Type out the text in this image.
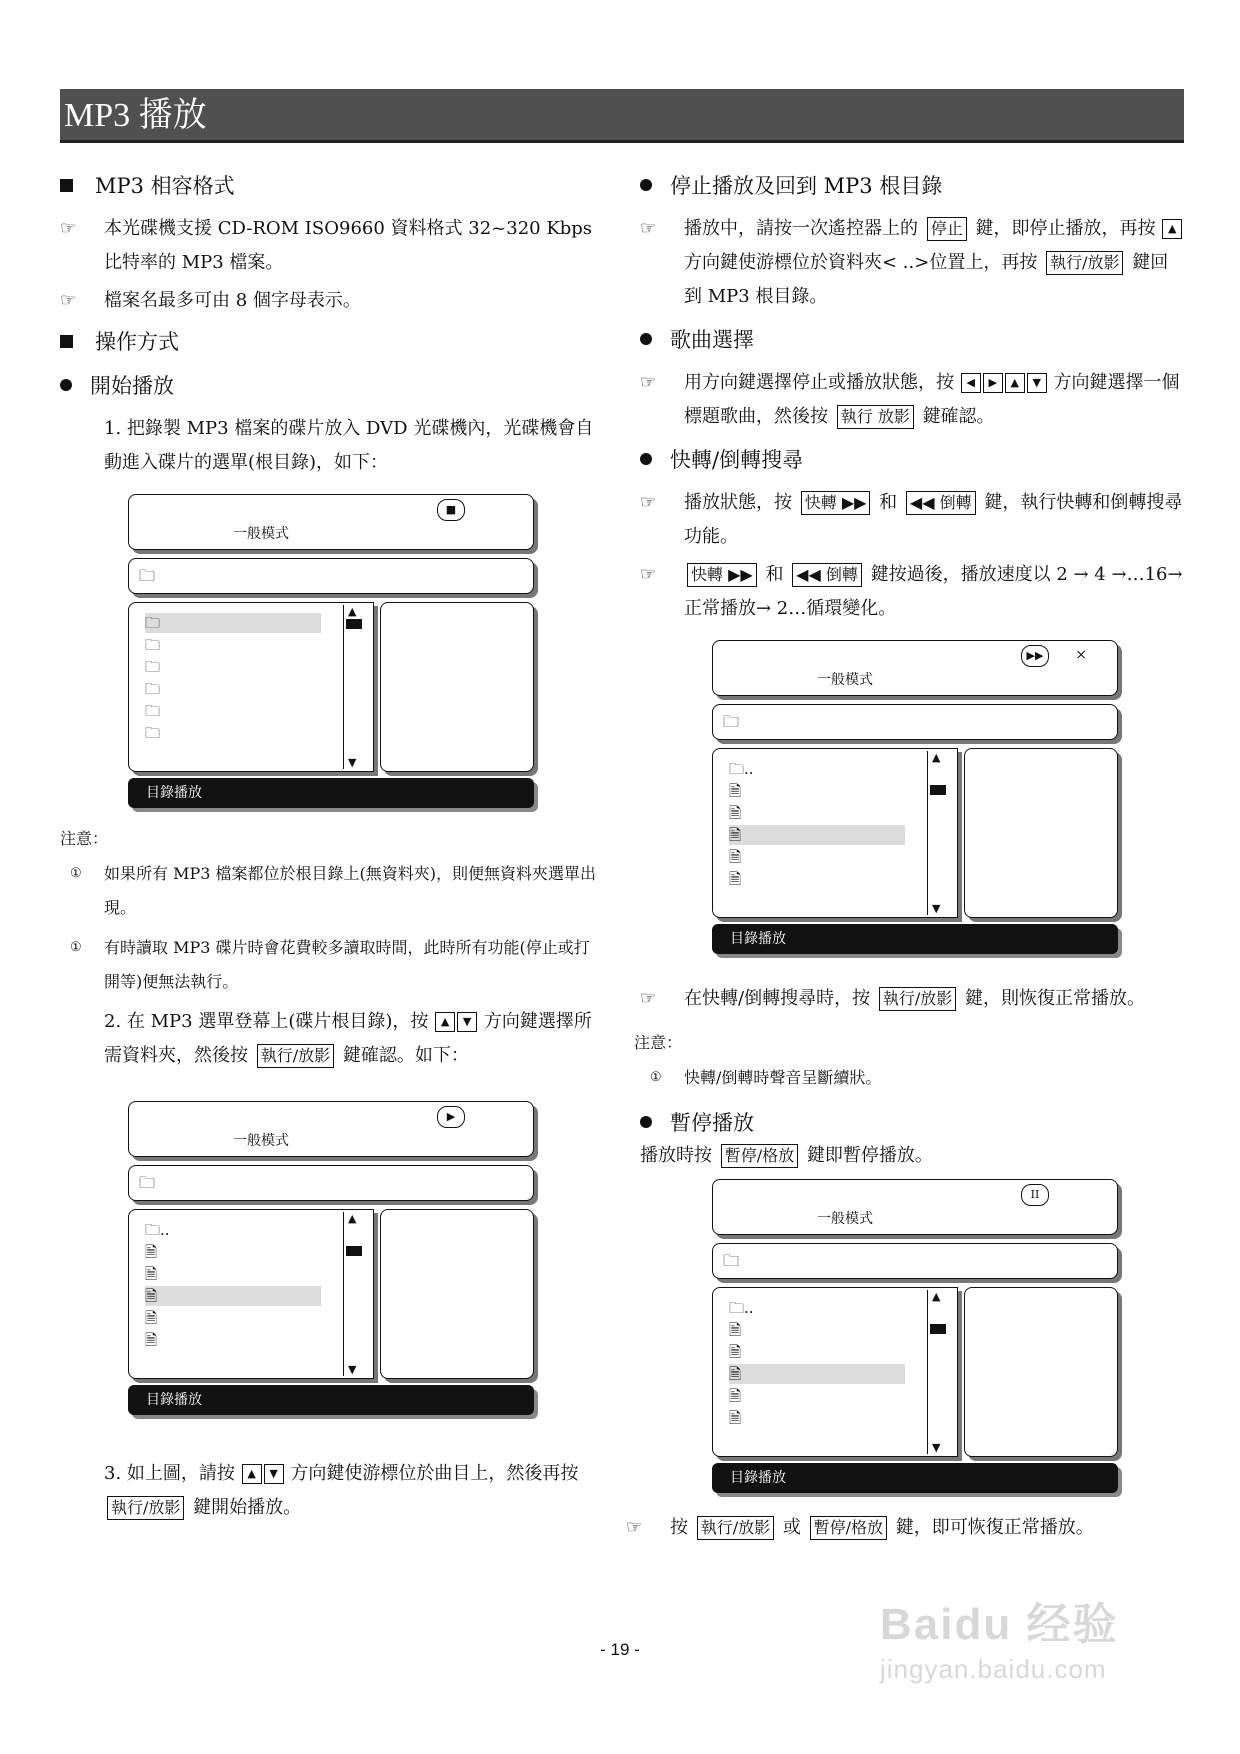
MP3 播放
MP3 相容格式
☞ 本光碟機支援 CD-ROM ISO9660 資料格式 32~320 Kbps 比特率的 MP3 檔案。
☞ 檔案名最多可由 8 個字母表示。
操作方式
開始播放
1. 把錄製 MP3 檔案的碟片放入 DVD 光碟機內，光碟機會自動進入碟片的選單(根目錄)，如下：
一般模式
■
🗀
🗀
🗀
🗀
🗀
🗀
🗀
▲
▼
目錄播放
注意：
① 如果所有 MP3 檔案都位於根目錄上(無資料夾)，則便無資料夾選單出現。
① 有時讀取 MP3 碟片時會花費較多讀取時間，此時所有功能(停止或打開等)便無法執行。
2. 在 MP3 選單登幕上(碟片根目錄)，按 ▲ ▼ 方向鍵選擇所需資料夾，然後按 執行/放影 鍵確認。如下：
一般模式
▶
🗀
🗀..
🗎
🗎
🗎
🗎
🗎
▲
▼
目錄播放
3. 如上圖，請按 ▲ ▼ 方向鍵使游標位於曲目上，然後再按 執行/放影 鍵開始播放。
停止播放及回到 MP3 根目錄
☞ 播放中，請按一次遙控器上的 停止 鍵，即停止播放，再按 ▲ 方向鍵使游標位於資料夾< ..>位置上，再按 執行/放影 鍵回到 MP3 根目錄。
歌曲選擇
☞ 用方向鍵選擇停止或播放狀態，按 ◀ ▶ ▲ ▼ 方向鍵選擇一個標題歌曲，然後按 執行 放影 鍵確認。
快轉/倒轉搜尋
☞ 播放狀態，按 快轉 ▶▶ 和 ◀◀ 倒轉 鍵，執行快轉和倒轉搜尋功能。
☞ 快轉 ▶▶ 和 ◀◀ 倒轉 鍵按過後，播放速度以 2 → 4 →…16→正常播放→ 2…循環變化。
一般模式
▶▶	×
🗀
🗀..
🗎
🗎
🗎
🗎
🗎
▲
▼
目錄播放
☞ 在快轉/倒轉搜尋時，按 執行/放影 鍵，則恢復正常播放。
注意：
① 快轉/倒轉時聲音呈斷續狀。
暫停播放
播放時按 暫停/格放 鍵即暫停播放。
一般模式
II
🗀
🗀..
🗎
🗎
🗎
🗎
🗎
▲
▼
目錄播放
☞ 按 執行/放影 或 暫停/格放 鍵，即可恢復正常播放。
- 19 -
Baidu 经验
jingyan.baidu.com
